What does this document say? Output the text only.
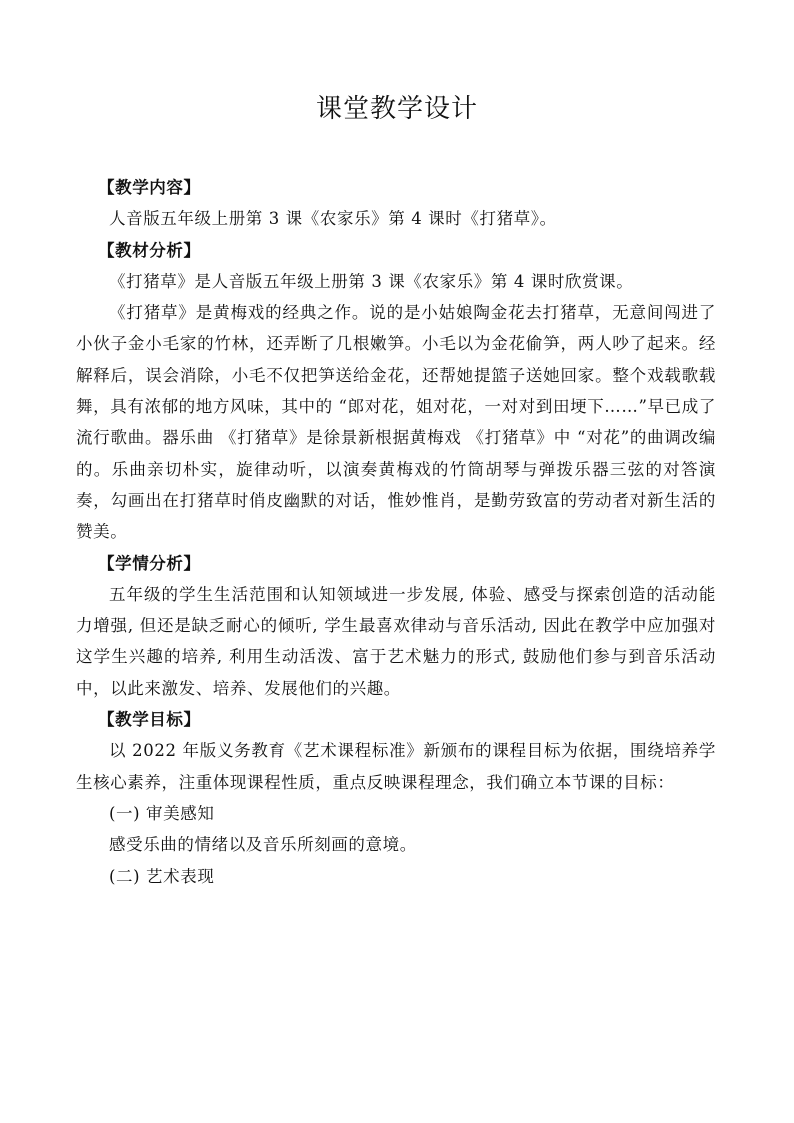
课堂教学设计

【教学内容】

人音版五年级上册第 3 课《农家乐》第 4 课时《打猪草》。

【教材分析】

《打猪草》是人音版五年级上册第 3 课《农家乐》第 4 课时欣赏课。

《打猪草》是黄梅戏的经典之作。说的是小姑娘陶金花去打猪草，无意间闯进了小伙子金小毛家的竹林，还弄断了几根嫩笋。小毛以为金花偷笋，两人吵了起来。经解释后，误会消除，小毛不仅把笋送给金花，还帮她提篮子送她回家。整个戏载歌载舞，具有浓郁的地方风味，其中的 “郎对花，姐对花，一对对到田埂下……”早已成了流行歌曲。器乐曲 《打猪草》是徐景新根据黄梅戏 《打猪草》中 “对花”的曲调改编的。乐曲亲切朴实，旋律动听，以演奏黄梅戏的竹筒胡琴与弹拨乐器三弦的对答演奏，勾画出在打猪草时俏皮幽默的对话，惟妙惟肖，是勤劳致富的劳动者对新生活的赞美。

【学情分析】

五年级的学生生活范围和认知领域进一步发展, 体验、感受与探索创造的活动能力增强, 但还是缺乏耐心的倾听, 学生最喜欢律动与音乐活动, 因此在教学中应加强对这学生兴趣的培养, 利用生动活泼、富于艺术魅力的形式, 鼓励他们参与到音乐活动中，以此来激发、培养、发展他们的兴趣。

【教学目标】

以 2022 年版义务教育《艺术课程标准》新颁布的课程目标为依据，围绕培养学生核心素养，注重体现课程性质，重点反映课程理念，我们确立本节课的目标：

(一) 审美感知

感受乐曲的情绪以及音乐所刻画的意境。

(二) 艺术表现
